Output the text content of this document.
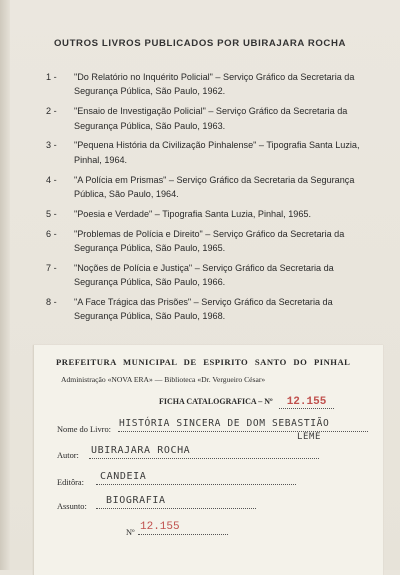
OUTROS LIVROS PUBLICADOS POR UBIRAJARA ROCHA
1 -	"Do Relatório no Inquérito Policial" – Serviço Gráfico da Secretaria da Segurança Pública, São Paulo, 1962.
2 -	"Ensaio de Investigação Policial" – Serviço Gráfico da Secretaria da Segurança Pública, São Paulo, 1963.
3 -	"Pequena História da Civilização Pinhalense" – Tipografia Santa Luzia, Pinhal, 1964.
4 -	"A Polícia em Prismas" – Serviço Gráfico da Secretaria da Segurança Pública, São Paulo, 1964.
5 -	"Poesia e Verdade" – Tipografia Santa Luzia, Pinhal, 1965.
6 -	"Problemas de Polícia e Direito" – Serviço Gráfico da Secretaria da Segurança Pública, São Paulo, 1965.
7 -	"Noções de Polícia e Justiça" – Serviço Gráfico da Secretaria da Segurança Pública, São Paulo, 1966.
8 -	"A Face Trágica das Prisões" – Serviço Gráfico da Secretaria da Segurança Pública, São Paulo, 1968.
PREFEITURA MUNICIPAL DE ESPIRITO SANTO DO PINHAL
Administração «NOVA ERA» — Biblioteca «Dr. Vergueiro César»
FICHA CATALOGRAFICA – Nº 12.155
Nome do Livro:
HISTÓRIA SINCERA DE DOM SEBASTIÃO
LEME
Autor: UBIRAJARA ROCHA
Editôra:
CANDEIA
Assunto:
BIOGRAFIA
Nº 12.155
